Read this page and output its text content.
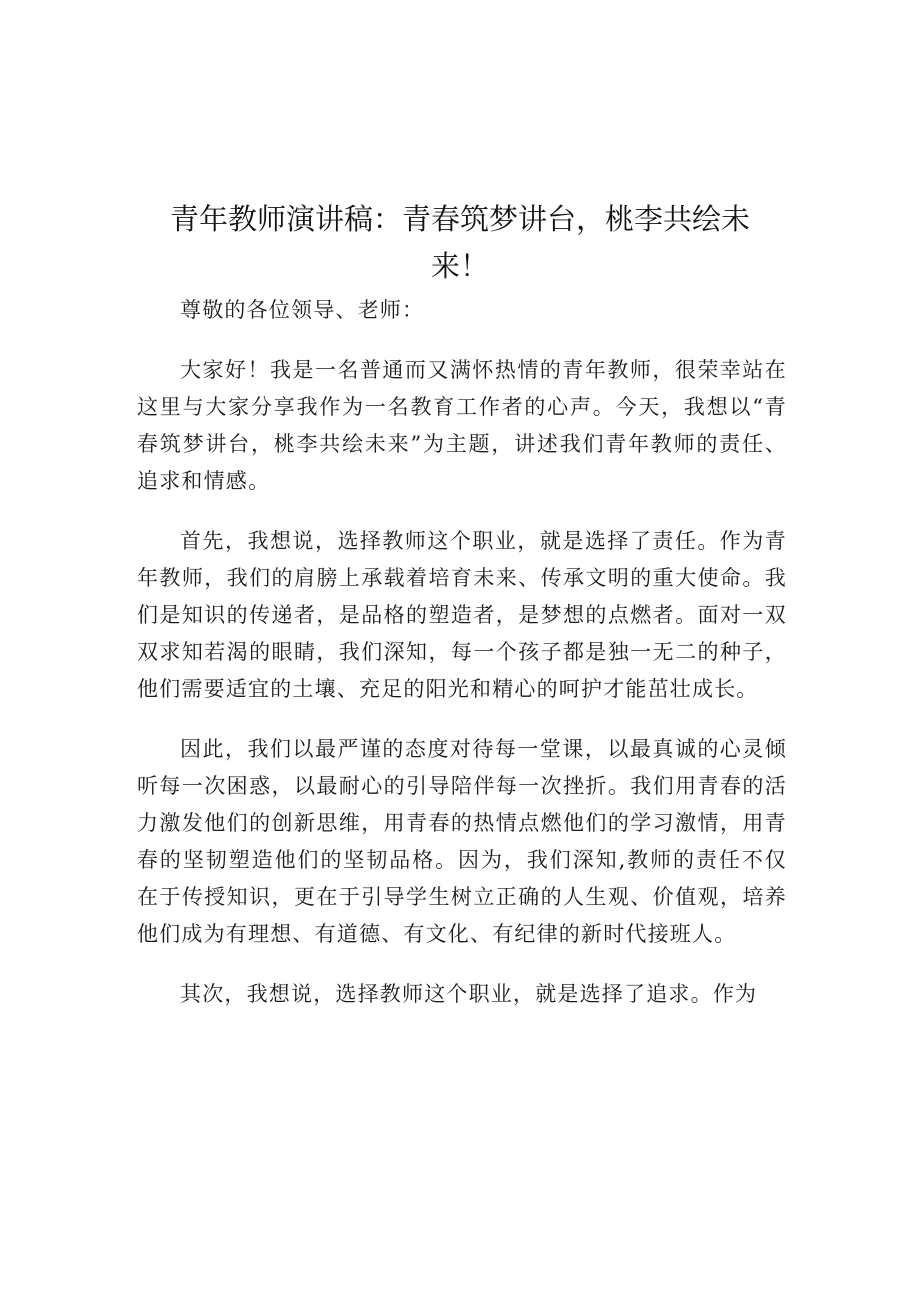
青年教师演讲稿：青春筑梦讲台，桃李共绘未来！

尊敬的各位领导、老师：

大家好！我是一名普通而又满怀热情的青年教师，很荣幸站在这里与大家分享我作为一名教育工作者的心声。今天，我想以“青春筑梦讲台，桃李共绘未来”为主题，讲述我们青年教师的责任、追求和情感。

首先，我想说，选择教师这个职业，就是选择了责任。作为青年教师，我们的肩膀上承载着培育未来、传承文明的重大使命。我们是知识的传递者，是品格的塑造者，是梦想的点燃者。面对一双双求知若渴的眼睛，我们深知，每一个孩子都是独一无二的种子，他们需要适宜的土壤、充足的阳光和精心的呵护才能茁壮成长。

因此，我们以最严谨的态度对待每一堂课，以最真诚的心灵倾听每一次困惑，以最耐心的引导陪伴每一次挫折。我们用青春的活力激发他们的创新思维，用青春的热情点燃他们的学习激情，用青春的坚韧塑造他们的坚韧品格。因为，我们深知,教师的责任不仅在于传授知识，更在于引导学生树立正确的人生观、价值观，培养他们成为有理想、有道德、有文化、有纪律的新时代接班人。

其次，我想说，选择教师这个职业，就是选择了追求。作为
